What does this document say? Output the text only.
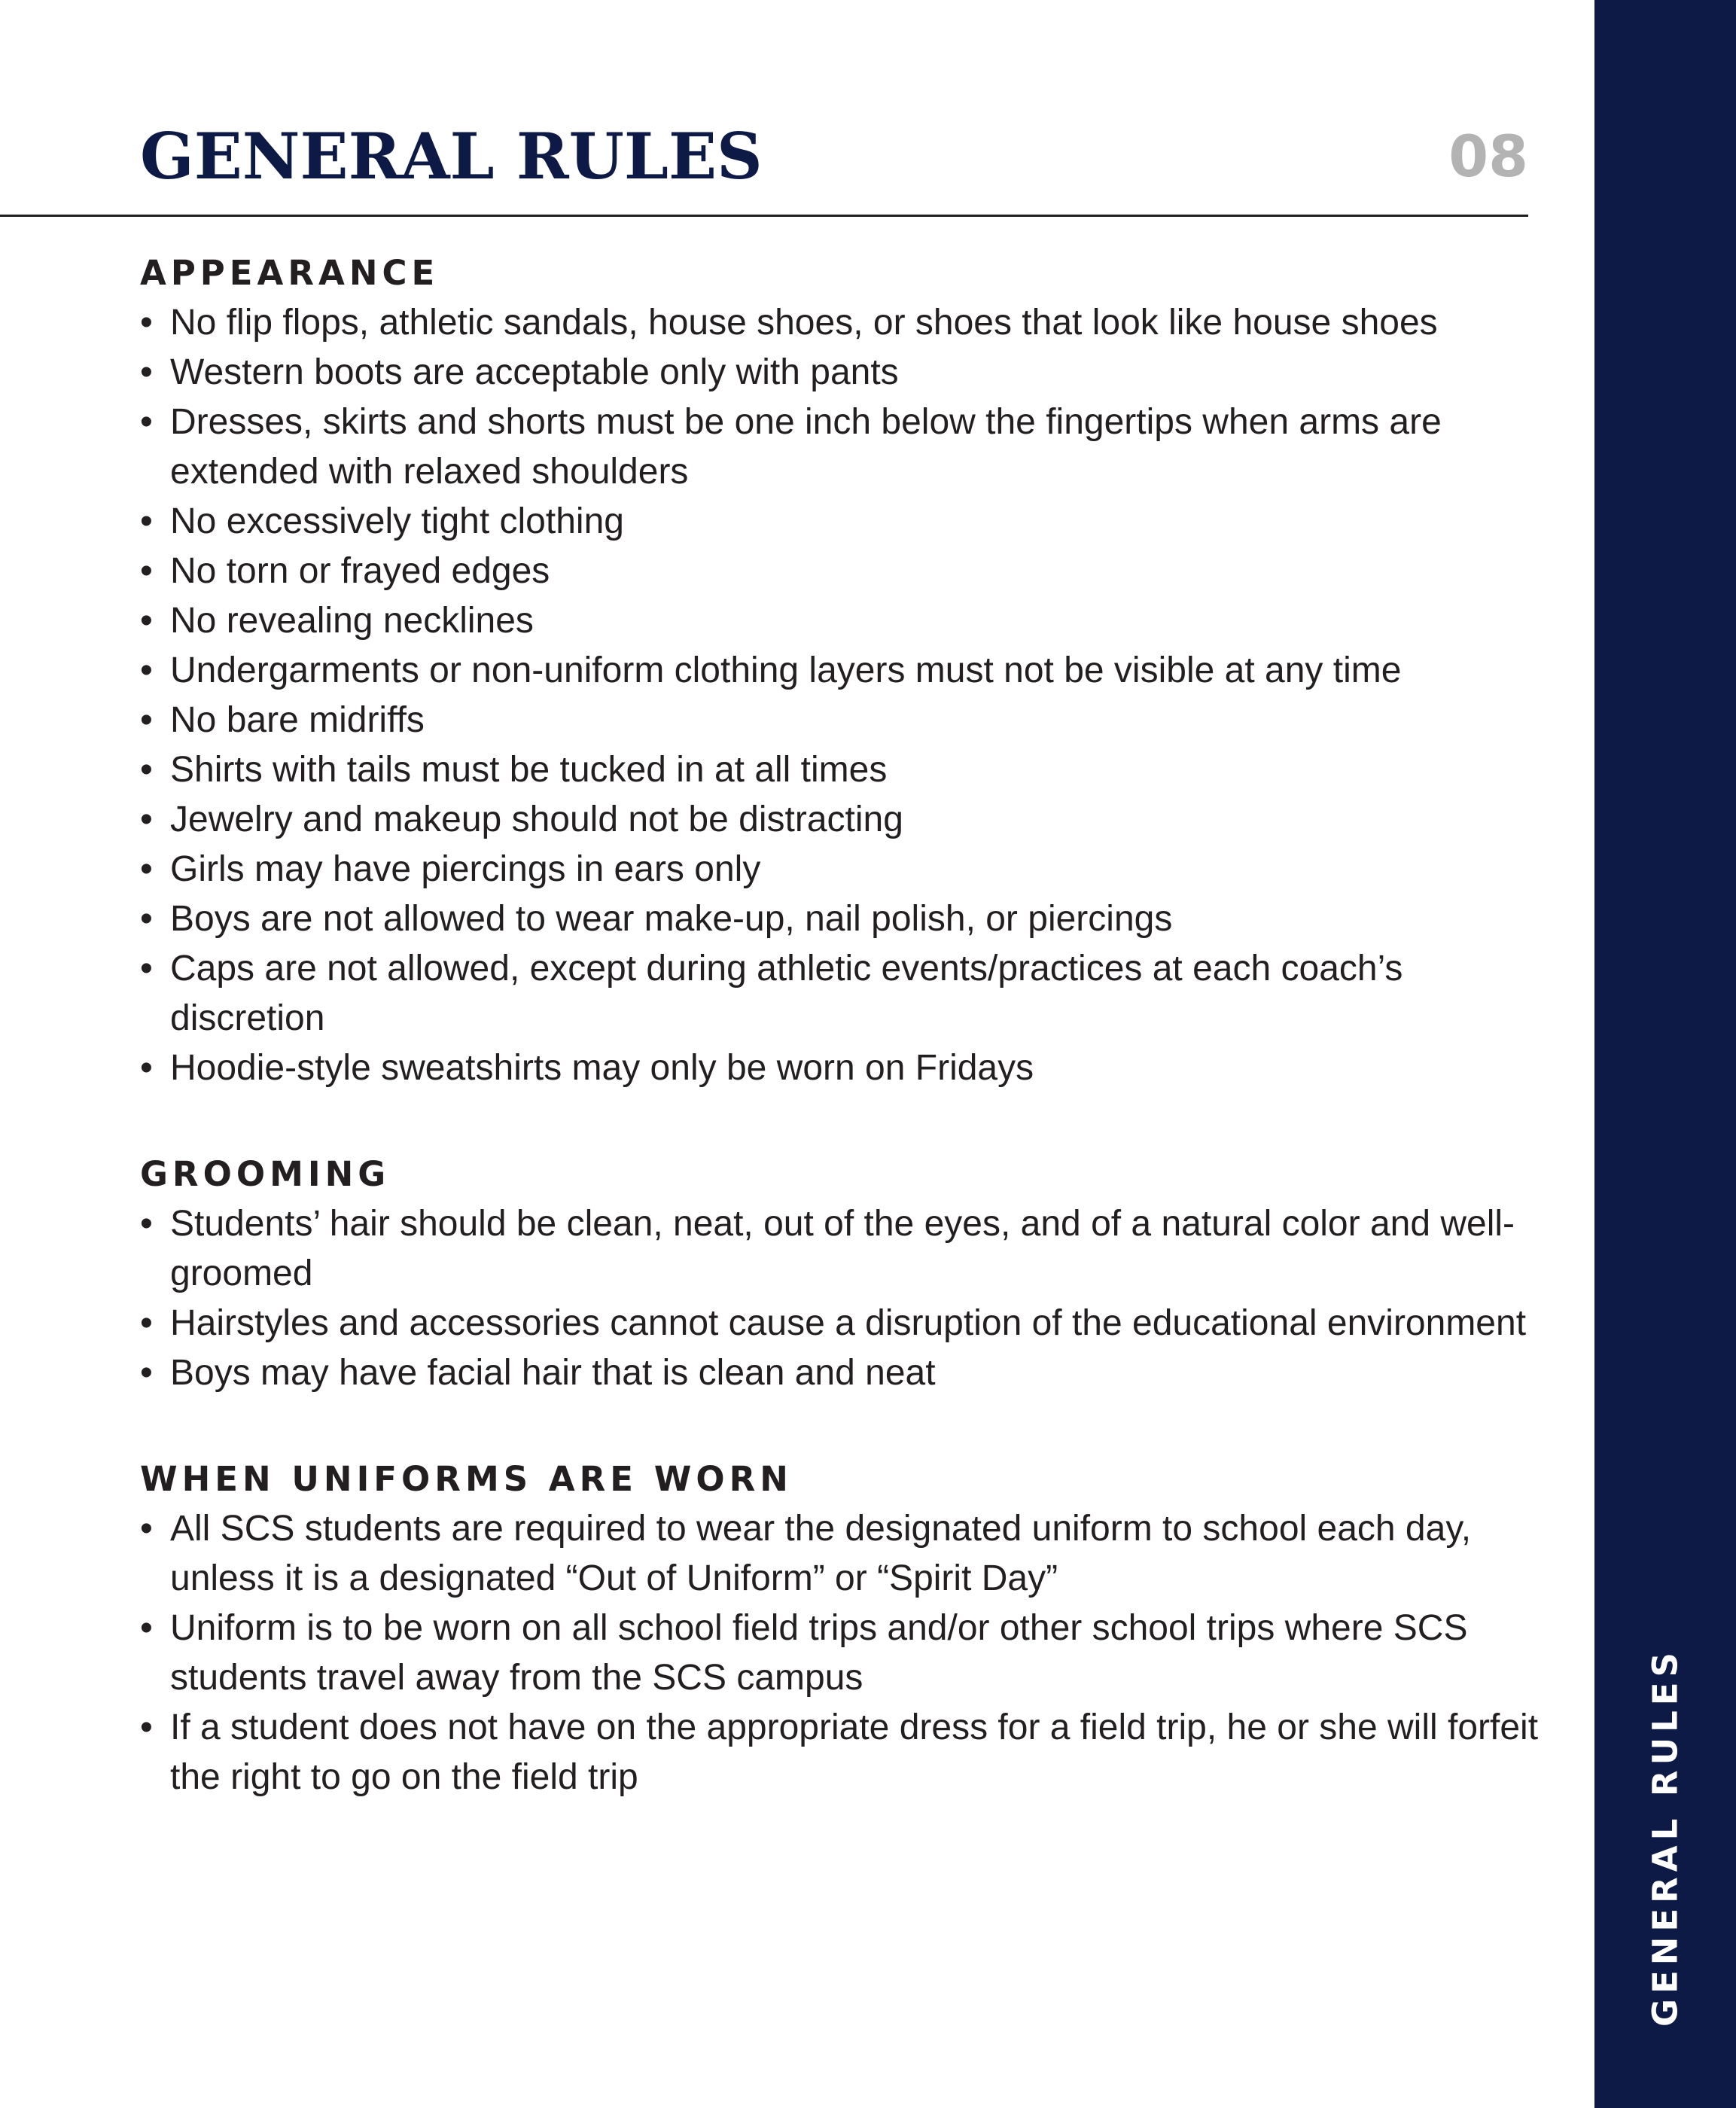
GENERAL RULES	08
APPEARANCE
• No flip flops, athletic sandals, house shoes, or shoes that look like house shoes
• Western boots are acceptable only with pants
• Dresses, skirts and shorts must be one inch below the fingertips when arms are extended with relaxed shoulders
• No excessively tight clothing
• No torn or frayed edges
• No revealing necklines
• Undergarments or non-uniform clothing layers must not be visible at any time
• No bare midriffs
• Shirts with tails must be tucked in at all times
• Jewelry and makeup should not be distracting
• Girls may have piercings in ears only
• Boys are not allowed to wear make-up, nail polish, or piercings
• Caps are not allowed, except during athletic events/practices at each coach’s discretion
• Hoodie-style sweatshirts may only be worn on Fridays
GROOMING
• Students’ hair should be clean, neat, out of the eyes, and of a natural color and well-groomed
• Hairstyles and accessories cannot cause a disruption of the educational environment
• Boys may have facial hair that is clean and neat
WHEN UNIFORMS ARE WORN
• All SCS students are required to wear the designated uniform to school each day, unless it is a designated “Out of Uniform” or “Spirit Day”
• Uniform is to be worn on all school field trips and/or other school trips where SCS students travel away from the SCS campus
• If a student does not have on the appropriate dress for a field trip, he or she will forfeit the right to go on the field trip	GENERAL RULES
